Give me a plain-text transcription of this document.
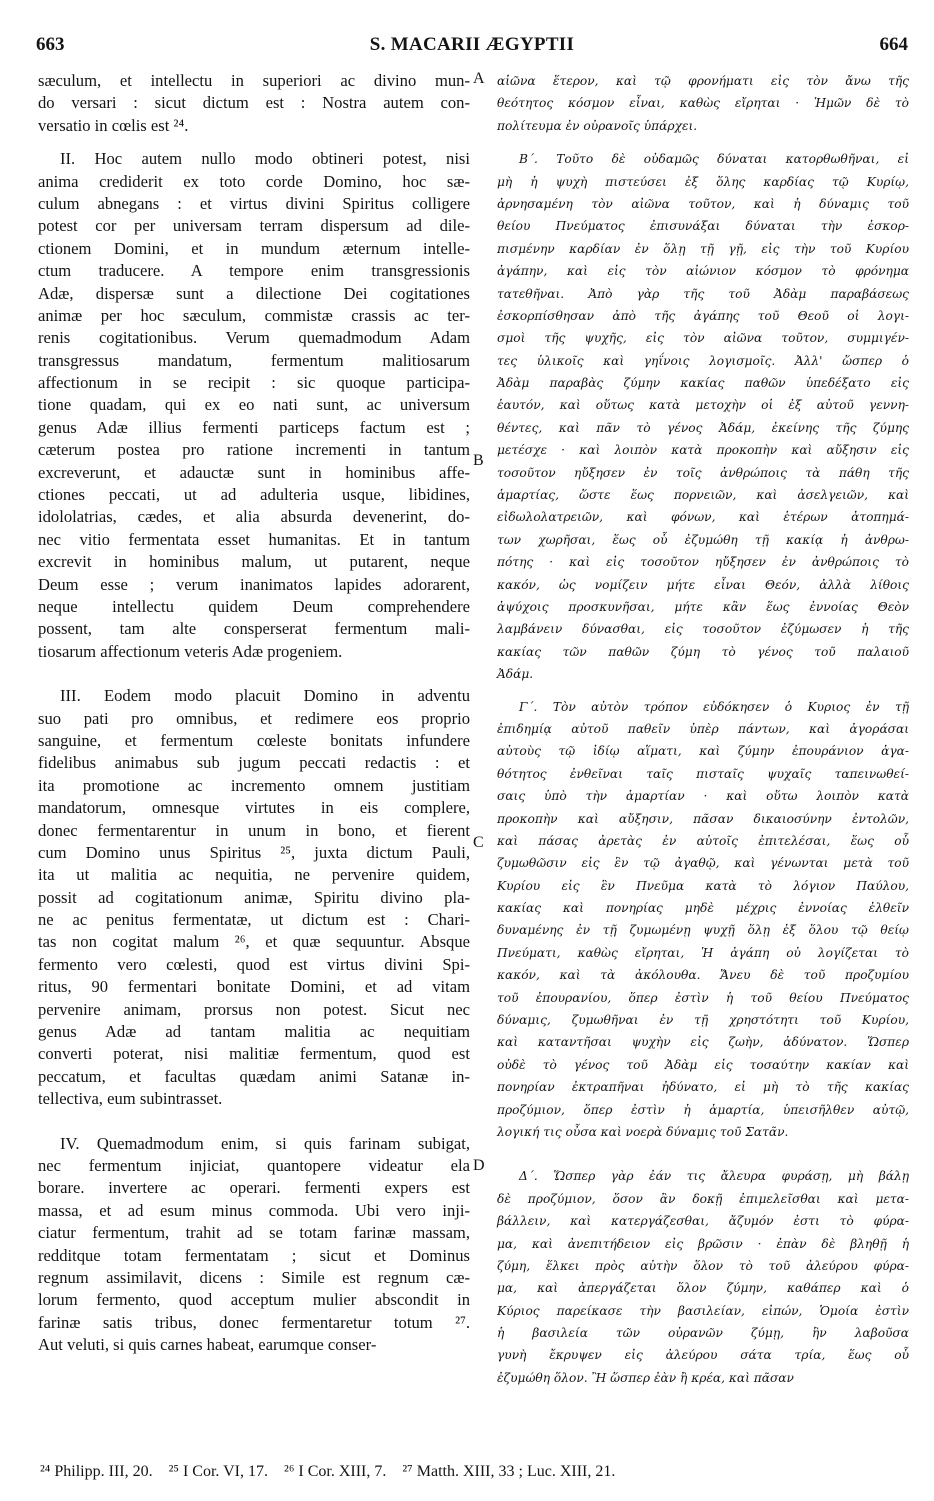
663	S. MACARII ÆGYPTII	664

sæculum, et intellectu in superiori ac divino mun-
do versari : sicut dictum est : Nostra autem con-
versatio in cœlis est ²⁴.

II. Hoc autem nullo modo obtineri potest, nisi
anima crediderit ex toto corde Domino, hoc sæ-
culum abnegans : et virtus divini Spiritus colligere
potest cor per universam terram dispersum ad dile-
ctionem Domini, et in mundum æternum intelle-
ctum traducere. A tempore enim transgressionis
Adæ, dispersæ sunt a dilectione Dei cogitationes
animæ per hoc sæculum, commistæ crassis ac ter-
renis cogitationibus. Verum quemadmodum Adam
transgressus mandatum, fermentum malitiosarum
affectionum in se recipit : sic quoque participa-
tione quadam, qui ex eo nati sunt, ac universum
genus Adæ illius fermenti particeps factum est ;
cæterum postea pro ratione incrementi in tantum
excreverunt, et adauctæ sunt in hominibus affe-
ctiones peccati, ut ad adulteria usque, libidines,
idololatrias, cædes, et alia absurda devenerint, do-
nec vitio fermentata esset humanitas. Et in tantum
excrevit in hominibus malum, ut putarent, neque
Deum esse ; verum inanimatos lapides adorarent,
neque intellectu quidem Deum comprehendere
possent, tam alte consperserat fermentum mali-
tiosarum affectionum veteris Adæ progeniem.

III. Eodem modo placuit Domino in adventu
suo pati pro omnibus, et redimere eos proprio
sanguine, et fermentum cœleste bonitats infundere
fidelibus animabus sub jugum peccati redactis : et
ita promotione ac incremento omnem justitiam
mandatorum, omnesque virtutes in eis complere,
donec fermentarentur in unum in bono, et fierent
cum Domino unus Spiritus ²⁵, juxta dictum Pauli,
ita ut malitia ac nequitia, ne pervenire quidem,
possit ad cogitationum animæ, Spiritu divino pla-
ne ac penitus fermentatæ, ut dictum est : Chari-
tas non cogitat malum ²⁶, et quæ sequuntur. Absque
fermento vero cœlesti, quod est virtus divini Spi-
ritus, 90 fermentari bonitate Domini, et ad vitam
pervenire animam, prorsus non potest. Sicut nec
genus Adæ ad tantam malitia ac nequitiam
converti poterat, nisi malitiæ fermentum, quod est
peccatum, et facultas quædam animi Satanæ in-
tellectiva, eum subintrasset.

IV. Quemadmodum enim, si quis farinam subigat,
nec fermentum injiciat, quantopere videatur ela
borare. invertere ac operari. fermenti expers est
massa, et ad esum minus commoda. Ubi vero inji-
ciatur fermentum, trahit ad se totam farinæ massam,
redditque totam fermentatam ; sicut et Dominus
regnum assimilavit, dicens : Simile est regnum cæ-
lorum fermento, quod acceptum mulier abscondit in
farinæ satis tribus, donec fermentaretur totum ²⁷.
Aut veluti, si quis carnes habeat, earumque conser-

αἰῶνα ἕτερον, καὶ τῷ φρονήματι εἰς τὸν ἄνω τῆς
θεότητος κόσμον εἶναι, καθὼς εἴρηται · Ἡμῶν δὲ τὸ
πολίτευμα ἐν οὐρανοῖς ὑπάρχει.

Β΄. Τοῦτο δὲ οὐδαμῶς δύναται κατορθωθῆναι, εἰ
μὴ ἡ ψυχὴ πιστεύσει ἐξ ὅλης καρδίας τῷ Κυρίῳ,
ἀρνησαμένη τὸν αἰῶνα τοῦτον, καὶ ἡ δύναμις τοῦ
θείου Πνεύματος ἐπισυνάξαι δύναται τὴν ἐσκορ-
πισμένην καρδίαν ἐν ὅλῃ τῇ γῇ, εἰς τὴν τοῦ Κυρίου
ἀγάπην, καὶ εἰς τὸν αἰώνιον κόσμον τὸ φρόνημα
τατεθῆναι. Ἀπὸ γὰρ τῆς τοῦ Ἀδὰμ παραβάσεως
ἐσκορπίσθησαν ἀπὸ τῆς ἀγάπης τοῦ Θεοῦ οἱ λογι-
σμοὶ τῆς ψυχῆς, εἰς τὸν αἰῶνα τοῦτον, συμμιγέν-
τες ὑλικοῖς καὶ γηΐνοις λογισμοῖς. Ἀλλ' ὥσπερ ὁ
Ἀδὰμ παραβὰς ζύμην κακίας παθῶν ὑπεδέξατο εἰς
ἑαυτόν, καὶ οὕτως κατὰ μετοχὴν οἱ ἐξ αὐτοῦ γεννη-
θέντες, καὶ πᾶν τὸ γένος Ἀδάμ, ἐκείνης τῆς ζύμης
μετέσχε · καὶ λοιπὸν κατὰ προκοπὴν καὶ αὔξησιν εἰς
τοσοῦτον ηὔξησεν ἐν τοῖς ἀνθρώποις τὰ πάθη τῆς
ἁμαρτίας, ὥστε ἕως πορνειῶν, καὶ ἀσελγειῶν, καὶ
εἰδωλολατρειῶν, καὶ φόνων, καὶ ἑτέρων ἀτοπημά-
των χωρῆσαι, ἕως οὗ ἐζυμώθη τῇ κακίᾳ ἡ ἀνθρω-
πότης · καὶ εἰς τοσοῦτον ηὔξησεν ἐν ἀνθρώποις τὸ
κακόν, ὡς νομίζειν μήτε εἶναι Θεόν, ἀλλὰ λίθοις
ἀψύχοις προσκυνῆσαι, μήτε κἂν ἕως ἐννοίας Θεὸν
λαμβάνειν δύνασθαι, εἰς τοσοῦτον ἐζύμωσεν ἡ τῆς
κακίας τῶν παθῶν ζύμη τὸ γένος τοῦ παλαιοῦ
Ἀδάμ.

Γ΄. Τὸν αὐτὸν τρόπον εὐδόκησεν ὁ Κυριος ἐν τῇ
ἐπιδημίᾳ αὐτοῦ παθεῖν ὑπὲρ πάντων, καὶ ἀγοράσαι
αὐτοὺς τῷ ἰδίῳ αἵματι, καὶ ζύμην ἐπουράνιον ἀγα-
θότητος ἐνθεῖναι ταῖς πισταῖς ψυχαῖς ταπεινωθεί-
σαις ὑπὸ τὴν ἁμαρτίαν · καὶ οὕτω λοιπὸν κατὰ
προκοπὴν καὶ αὔξησιν, πᾶσαν δικαιοσύνην ἐντολῶν,
καὶ πάσας ἀρετὰς ἐν αὐτοῖς ἐπιτελέσαι, ἕως οὗ
ζυμωθῶσιν εἰς ἓν τῷ ἀγαθῷ, καὶ γένωνται μετὰ τοῦ
Κυρίου εἰς ἓν Πνεῦμα κατὰ τὸ λόγιον Παύλου,
κακίας καὶ πονηρίας μηδὲ μέχρις ἐννοίας ἐλθεῖν
δυναμένης ἐν τῇ ζυμωμένῃ ψυχῇ ὅλῃ ἐξ ὅλου τῷ θείῳ
Πνεύματι, καθὼς εἴρηται, Ἡ ἀγάπη οὐ λογίζεται τὸ
κακόν, καὶ τὰ ἀκόλουθα. Ἄνευ δὲ τοῦ προζυμίου
τοῦ ἐπουρανίου, ὅπερ ἐστὶν ἡ τοῦ θείου Πνεύματος
δύναμις, ζυμωθῆναι ἐν τῇ χρηστότητι τοῦ Κυρίου,
καὶ καταντῆσαι ψυχὴν εἰς ζωὴν, ἀδύνατον. Ὥσπερ
οὐδὲ τὸ γένος τοῦ Ἀδὰμ εἰς τοσαύτην κακίαν καὶ
πονηρίαν ἐκτραπῆναι ἠδύνατο, εἰ μὴ τὸ τῆς κακίας
προζύμιον, ὅπερ ἐστὶν ἡ ἁμαρτία, ὑπεισῆλθεν αὐτῷ,
λογική τις οὖσα καὶ νοερὰ δύναμις τοῦ Σατᾶν.

Δ΄. Ὥσπερ γὰρ ἐάν τις ἄλευρα φυράσῃ, μὴ βάλῃ
δὲ προζύμιον, ὅσον ἂν δοκῇ ἐπιμελεῖσθαι καὶ μετα-
βάλλειν, καὶ κατεργάζεσθαι, ἄζυμόν ἐστι τὸ φύρα-
μα, καὶ ἀνεπιτήδειον εἰς βρῶσιν · ἐπὰν δὲ βληθῇ ἡ
ζύμη, ἕλκει πρὸς αὐτὴν ὅλον τὸ τοῦ ἀλεύρου φύρα-
μα, καὶ ἀπεργάζεται ὅλον ζύμην, καθάπερ καὶ ὁ
Κύριος παρείκασε τὴν βασιλείαν, εἰπών, Ὁμοία ἐστὶν
ἡ βασιλεία τῶν οὐρανῶν ζύμῃ, ἣν λαβοῦσα
γυνὴ ἔκρυψεν εἰς ἀλεύρου σάτα τρία, ἕως οὗ
ἐζυμώθη ὅλον. Ἢ ὥσπερ ἐὰν ἢ κρέα, καὶ πᾶσαν

A
B
C
D
²⁴ Philipp. III, 20. ²⁵ I Cor. VI, 17. ²⁶ I Cor. XIII, 7. ²⁷ Matth. XIII, 33 ; Luc. XIII, 21.
